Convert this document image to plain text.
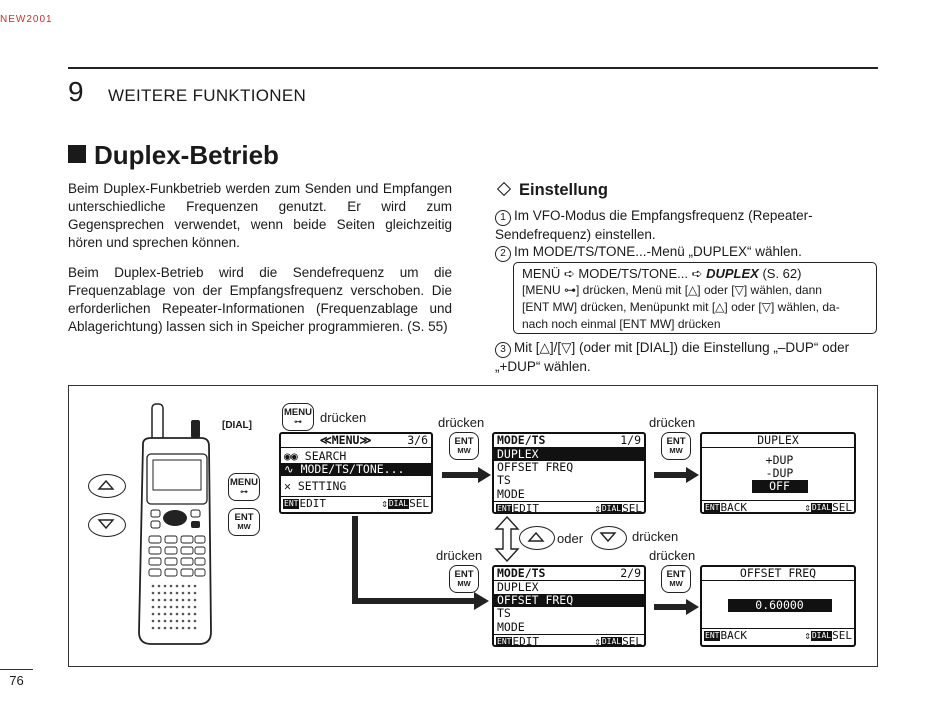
NEW2001
9 WEITERE FUNKTIONEN
Duplex-Betrieb
Beim Duplex-Funkbetrieb werden zum Senden und Empfangen unterschiedliche Frequenzen genutzt. Er wird zum Gegensprechen verwendet, wenn beide Seiten gleichzeitig hören und sprechen können.
Beim Duplex-Betrieb wird die Sendefrequenz um die Frequenzablage von der Empfangsfrequenz verschoben. Die erforderlichen Repeater-Informationen (Frequenzablage und Ablagerichtung) lassen sich in Speicher programmieren. (S. 55)
Einstellung
1 Im VFO-Modus die Empfangsfrequenz (Repeater-Sendefrequenz) einstellen.
2 Im MODE/TS/TONE...-Menü „DUPLEX“ wählen.
MENÜ ➪ MODE/TS/TONE... ➪ DUPLEX (S. 62)
[MENU ⊶] drücken, Menü mit [△] oder [▽] wählen, dann
[ENT MW] drücken, Menüpunkt mit [△] oder [▽] wählen, da-
nach noch einmal [ENT MW] drücken
3 Mit [△]/[▽] (oder mit [DIAL]) die Einstellung „–DUP“ oder „+DUP“ wählen.
[DIAL]
MENU
⊶
ENT
MW
MENU
⊶	drücken
≪MENU≫	3/6
◉◉ SEARCH
∿ MODE/TS/TONE...
✕ SETTING
ENTEDIT	⇕DIALSEL
drücken
ENT
MW
MODE/TS	1/9
DUPLEX
OFFSET FREQ
TS
MODE
ENTEDIT	⇕DIALSEL
drücken
ENT
MW
DUPLEX
+DUP
-DUP
OFF
ENTBACK	⇕DIALSEL
oder	drücken
drücken
ENT
MW
MODE/TS	2/9
DUPLEX
OFFSET FREQ
TS
MODE
ENTEDIT	⇕DIALSEL
drücken
ENT
MW
OFFSET FREQ
0.60000
ENTBACK	⇕DIALSEL
76
